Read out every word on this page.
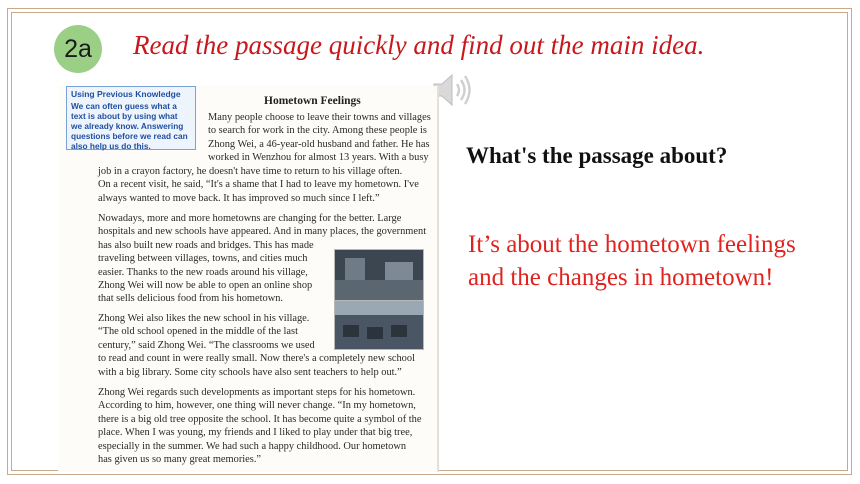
2a	Read the passage quickly and find out the main idea.
Using Previous Knowledge
We can often guess what a
text is about by using what
we already know. Answering
questions before we read can
also help us do this.
Hometown Feelings
Many people choose to leave their towns and villages
to search for work in the city. Among these people is
Zhong Wei, a 46-year-old husband and father. He has
worked in Wenzhou for almost 13 years. With a busy
job in a crayon factory, he doesn't have time to return to his village often.
On a recent visit, he said, “It's a shame that I had to leave my hometown. I've
always wanted to move back. It has improved so much since I left.”
Nowadays, more and more hometowns are changing for the better. Large
hospitals and new schools have appeared. And in many places, the government
has also built new roads and bridges. This has made
traveling between villages, towns, and cities much
easier. Thanks to the new roads around his village,
Zhong Wei will now be able to open an online shop
that sells delicious food from his hometown.
Zhong Wei also likes the new school in his village.
“The old school opened in the middle of the last
century,” said Zhong Wei. “The classrooms we used
to read and count in were really small. Now there's a completely new school
with a big library. Some city schools have also sent teachers to help out.”
Zhong Wei regards such developments as important steps for his hometown.
According to him, however, one thing will never change. “In my hometown,
there is a big old tree opposite the school. It has become quite a symbol of the
place. When I was young, my friends and I liked to play under that big tree,
especially in the summer. We had such a happy childhood. Our hometown
has given us so many great memories.”
What's the passage about?
It’s about the hometown feelings
and the changes in hometown!
